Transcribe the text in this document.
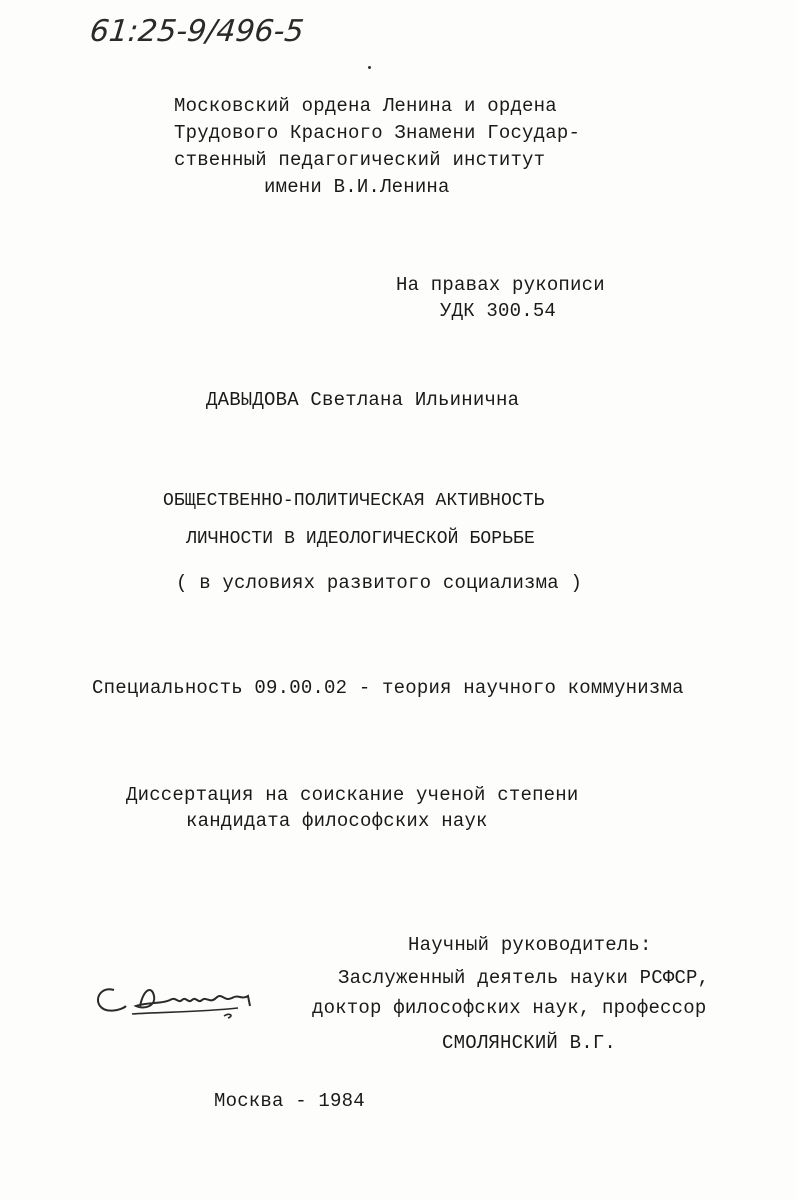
61:25-9/496-5
Московский ордена Ленина и ордена
Трудового Красного Знамени Государ-
ственный педагогический институт
имени В.И.Ленина
На правах рукописи
УДК 300.54
ДАВЫДОВА Светлана Ильинична
ОБЩЕСТВЕННО-ПОЛИТИЧЕСКАЯ АКТИВНОСТЬ
ЛИЧНОСТИ В ИДЕОЛОГИЧЕСКОЙ БОРЬБЕ
( в условиях развитого социализма )
Специальность 09.00.02 - теория научного коммунизма
Диссертация на соискание ученой степени
кандидата философских наук
Научный руководитель:
Заслуженный деятель науки РСФСР,
доктор философских наук, профессор
СМОЛЯНСКИЙ В.Г.
Москва - 1984
